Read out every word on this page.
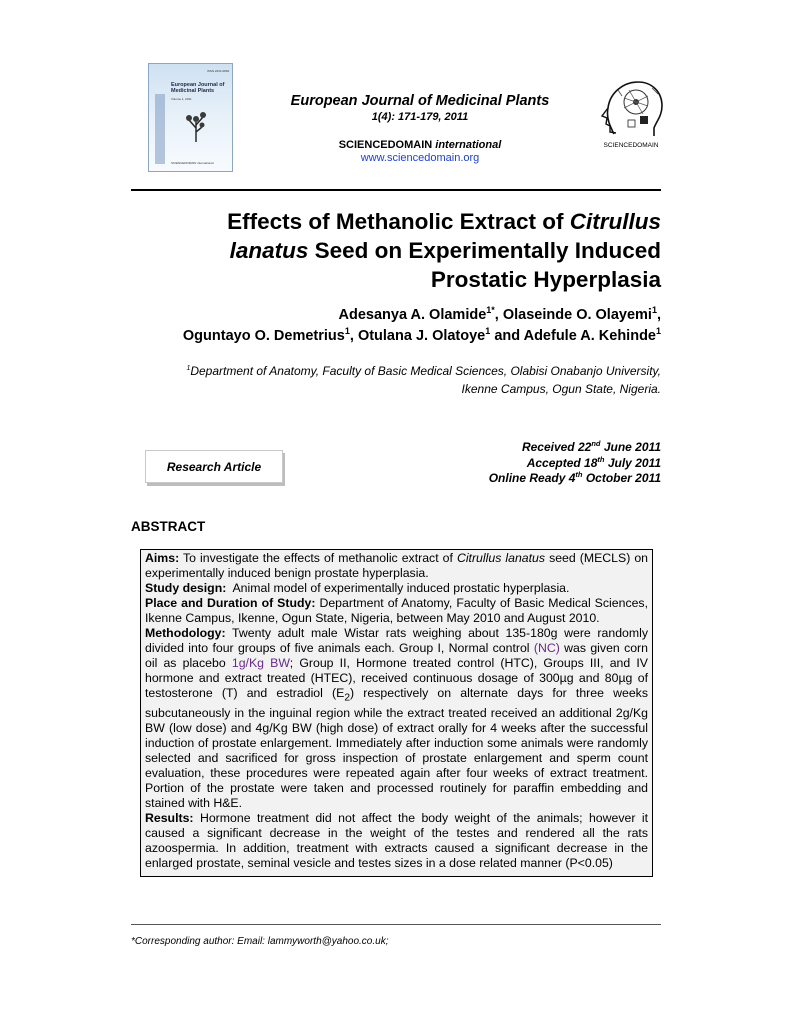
ISSN 2231-0894
European Journal of Medicinal Plants
Volume 1, 2011
SCIENCEDOMAIN international
European Journal of Medicinal Plants
1(4): 171-179, 2011
SCIENCEDOMAIN international
www.sciencedomain.org
SCIENCEDOMAIN
Effects of Methanolic Extract of Citrullus
lanatus Seed on Experimentally Induced
Prostatic Hyperplasia
Adesanya A. Olamide$^{1*}$, Olaseinde O. Olayemi$^1$,
Oguntayo O. Demetrius$^1$, Otulana J. Olatoye$^1$ and Adefule A. Kehinde$^1$
$^1$Department of Anatomy, Faculty of Basic Medical Sciences, Olabisi Onabanjo University,
Ikenne Campus, Ogun State, Nigeria.
Research Article
Received 22nd June 2011
Accepted 18th July 2011
Online Ready 4th October 2011
ABSTRACT

Aims: To investigate the effects of methanolic extract of Citrullus lanatus seed (MECLS) on experimentally induced benign prostate hyperplasia.

Study design: Animal model of experimentally induced prostatic hyperplasia.

Place and Duration of Study: Department of Anatomy, Faculty of Basic Medical Sciences, Ikenne Campus, Ikenne, Ogun State, Nigeria, between May 2010 and August 2010.

Methodology: Twenty adult male Wistar rats weighing about 135-180g were randomly divided into four groups of five animals each. Group I, Normal control (NC) was given corn oil as placebo 1g/Kg BW; Group II, Hormone treated control (HTC), Groups III, and IV hormone and extract treated (HTEC), received continuous dosage of 300µg and 80µg of testosterone (T) and estradiol $(E_2)$ respectively on alternate days for three weeks subcutaneously in the inguinal region while the extract treated received an additional 2g/Kg BW (low dose) and 4g/Kg BW (high dose) of extract orally for 4 weeks after the successful induction of prostate enlargement. Immediately after induction some animals were randomly selected and sacrificed for gross inspection of prostate enlargement and sperm count evaluation, these procedures were repeated again after four weeks of extract treatment. Portion of the prostate were taken and processed routinely for paraffin embedding and stained with H&E.

Results: Hormone treatment did not affect the body weight of the animals; however it caused a significant decrease in the weight of the testes and rendered all the rats azoospermia. In addition, treatment with extracts caused a significant decrease in the enlarged prostate, seminal vesicle and testes sizes in a dose related manner (P<0.05)

*Corresponding author: Email: lammyworth@yahoo.co.uk;
